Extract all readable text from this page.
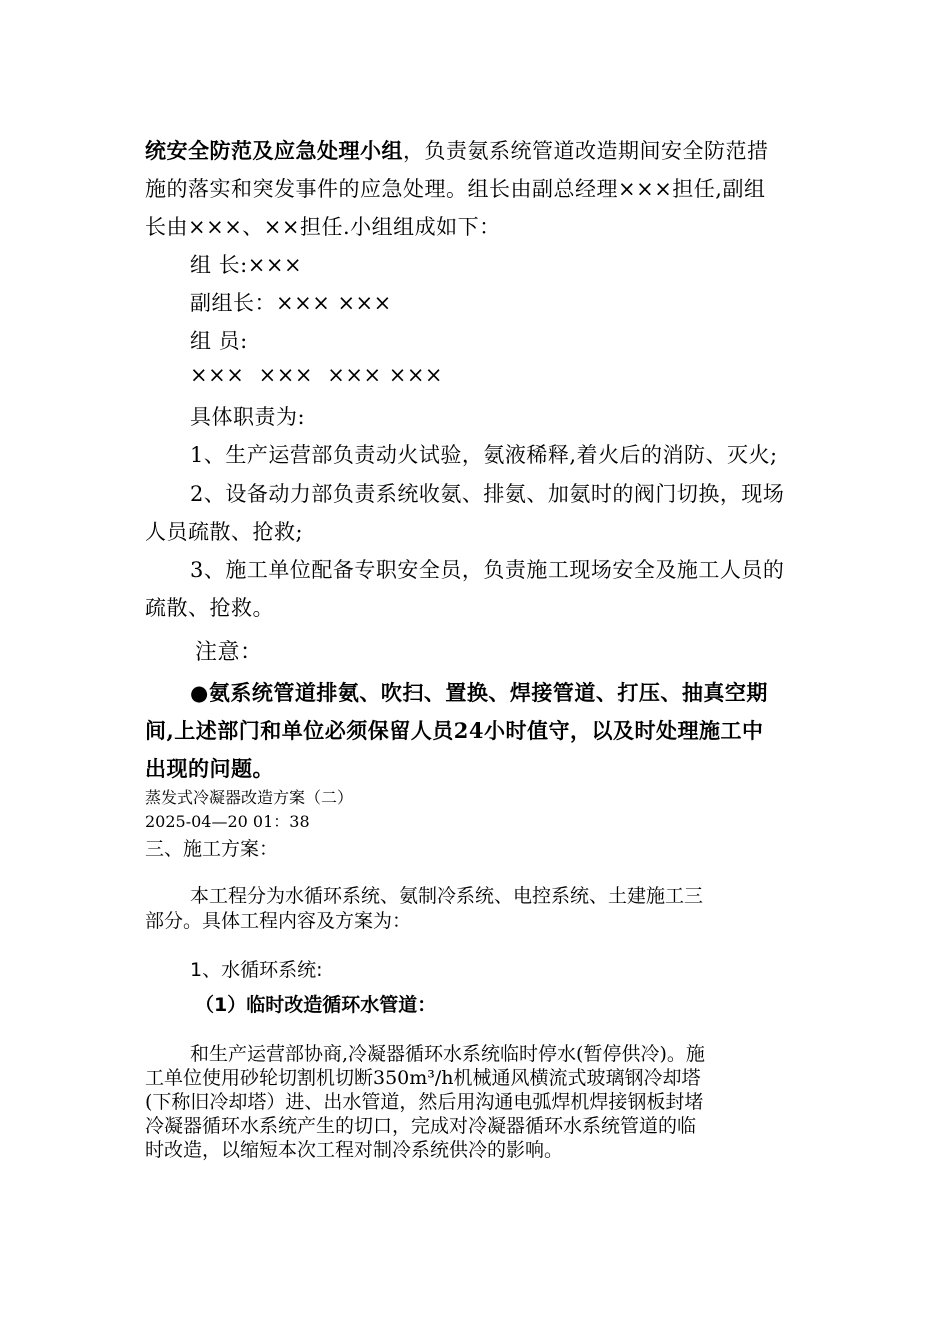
统安全防范及应急处理小组，负责氨系统管道改造期间安全防范措

施的落实和突发事件的应急处理。组长由副总经理×××担任,副组

长由×××、××担任.小组组成如下：

组 长:×××

副组长：××× ×××

组 员:

×××  ×××  ××× ×××

具体职责为:

1、生产运营部负责动火试验，氨液稀释,着火后的消防、灭火;

2、设备动力部负责系统收氨、排氨、加氨时的阀门切换，现场

人员疏散、抢救;

3、施工单位配备专职安全员，负责施工现场安全及施工人员的

疏散、抢救。

注意：

●氨系统管道排氨、吹扫、置换、焊接管道、打压、抽真空期

间,上述部门和单位必须保留人员24小时值守，以及时处理施工中

出现的问题。

蒸发式冷凝器改造方案（二）

2025-04—20 01：38

三、施工方案：

本工程分为水循环系统、氨制冷系统、电控系统、土建施工三

部分。具体工程内容及方案为：

1、水循环系统:

（1）临时改造循环水管道：

和生产运营部协商,冷凝器循环水系统临时停水(暂停供冷)。施

工单位使用砂轮切割机切断350m³/h机械通风横流式玻璃钢冷却塔

(下称旧冷却塔）进、出水管道，然后用沟通电弧焊机焊接钢板封堵

冷凝器循环水系统产生的切口，完成对冷凝器循环水系统管道的临

时改造，以缩短本次工程对制冷系统供冷的影响。
